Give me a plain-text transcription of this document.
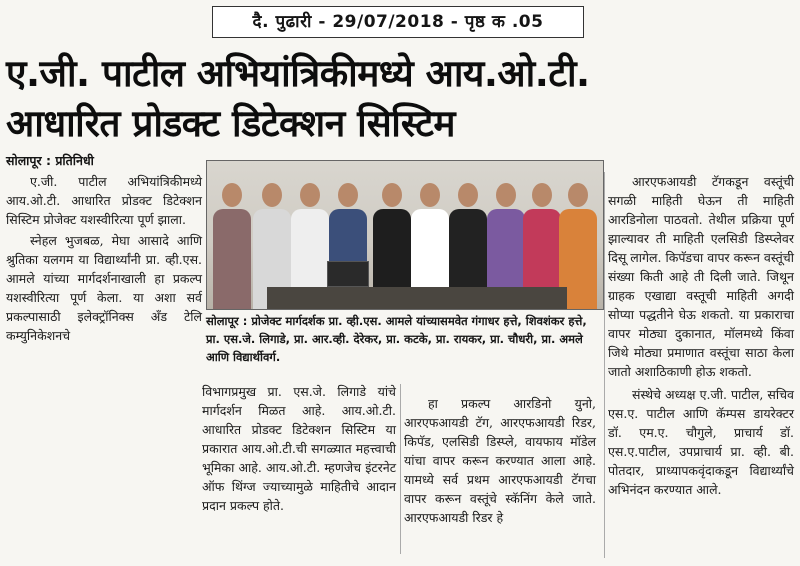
दै. पुढारी - 29/07/2018 - पृष्ठ क .05
ए.जी. पाटील अभियांत्रिकीमध्ये आय.ओ.टी.
आधारित प्रोडक्ट डिटेक्शन सिस्टिम
सोलापूर : प्रतिनिधी
ए.जी. पाटील अभियांत्रिकीमध्ये आय.ओ.टी. आधारित प्रोडक्ट डिटेक्शन सिस्टिम प्रोजेक्ट यशस्वीरित्या पूर्ण झाला.
स्नेहल भुजबळ, मेघा आसादे आणि श्रुतिका यलगम या विद्यार्थ्यांनी प्रा. व्ही.एस. आमले यांच्या मार्गदर्शनाखाली हा प्रकल्प यशस्वीरित्या पूर्ण केला. या अशा सर्व प्रकल्पासाठी इलेक्ट्रॉनिक्स अँड टेलि कम्युनिकेशनचे
सोलापूर : प्रोजेक्ट मार्गदर्शक प्रा. व्ही.एस. आमले यांच्यासमवेत गंगाधर हत्ते, शिवशंकर हत्ते, प्रा. एस.जे. लिगाडे, प्रा. आर.व्ही. देरेकर, प्रा. कटके, प्रा. रायकर, प्रा. चौधरी, प्रा. अमले आणि विद्यार्थीवर्ग.
विभागप्रमुख प्रा. एस.जे. लिगाडे यांचे मार्गदर्शन मिळत आहे. आय.ओ.टी. आधारित प्रोडक्ट डिटेक्शन सिस्टिम या प्रकारात आय.ओ.टी.ची सगळ्यात महत्त्वाची भूमिका आहे. आय.ओ.टी. म्हणजेच इंटरनेट ऑफ थिंग्ज ज्याच्यामुळे माहितीचे आदान प्रदान प्रकल्प होते.
हा प्रकल्प आरडिनो युनो, आरएफआयडी टॅग, आरएफआयडी रिडर, किपॅड, एलसिडी डिस्प्ले, वायफाय मॉडेल यांचा वापर करून करण्यात आला आहे. यामध्ये सर्व प्रथम आरएफआयडी टॅगचा वापर करून वस्तूंचे स्कॅनिंग केले जाते. आरएफआयडी रिडर हे
आरएफआयडी टॅगकडून वस्तूंची सगळी माहिती घेऊन ती माहिती आरडिनोला पाठवतो. तेथील प्रक्रिया पूर्ण झाल्यावर ती माहिती एलसिडी डिस्प्लेवर दिसू लागेल. किपॅडचा वापर करून वस्तूंची संख्या किती आहे ती दिली जाते. जिथून ग्राहक एखाद्या वस्तूची माहिती अगदी सोप्या पद्धतीने घेऊ शकतो. या प्रकाराचा वापर मोठ्या दुकानात, मॉलमध्ये किंवा जिथे मोठ्या प्रमाणात वस्तूंचा साठा केला जातो अशाठिकाणी होऊ शकतो.
संस्थेचे अध्यक्ष ए.जी. पाटील, सचिव एस.ए. पाटील आणि कॅम्पस डायरेक्टर डॉ. एम.ए. चौगुले, प्राचार्य डॉ. एस.ए.पाटील, उपप्राचार्य प्रा. व्ही. बी. पोतदार, प्राध्यापकवृंदाकडून विद्यार्थ्यांचे अभिनंदन करण्यात आले.
